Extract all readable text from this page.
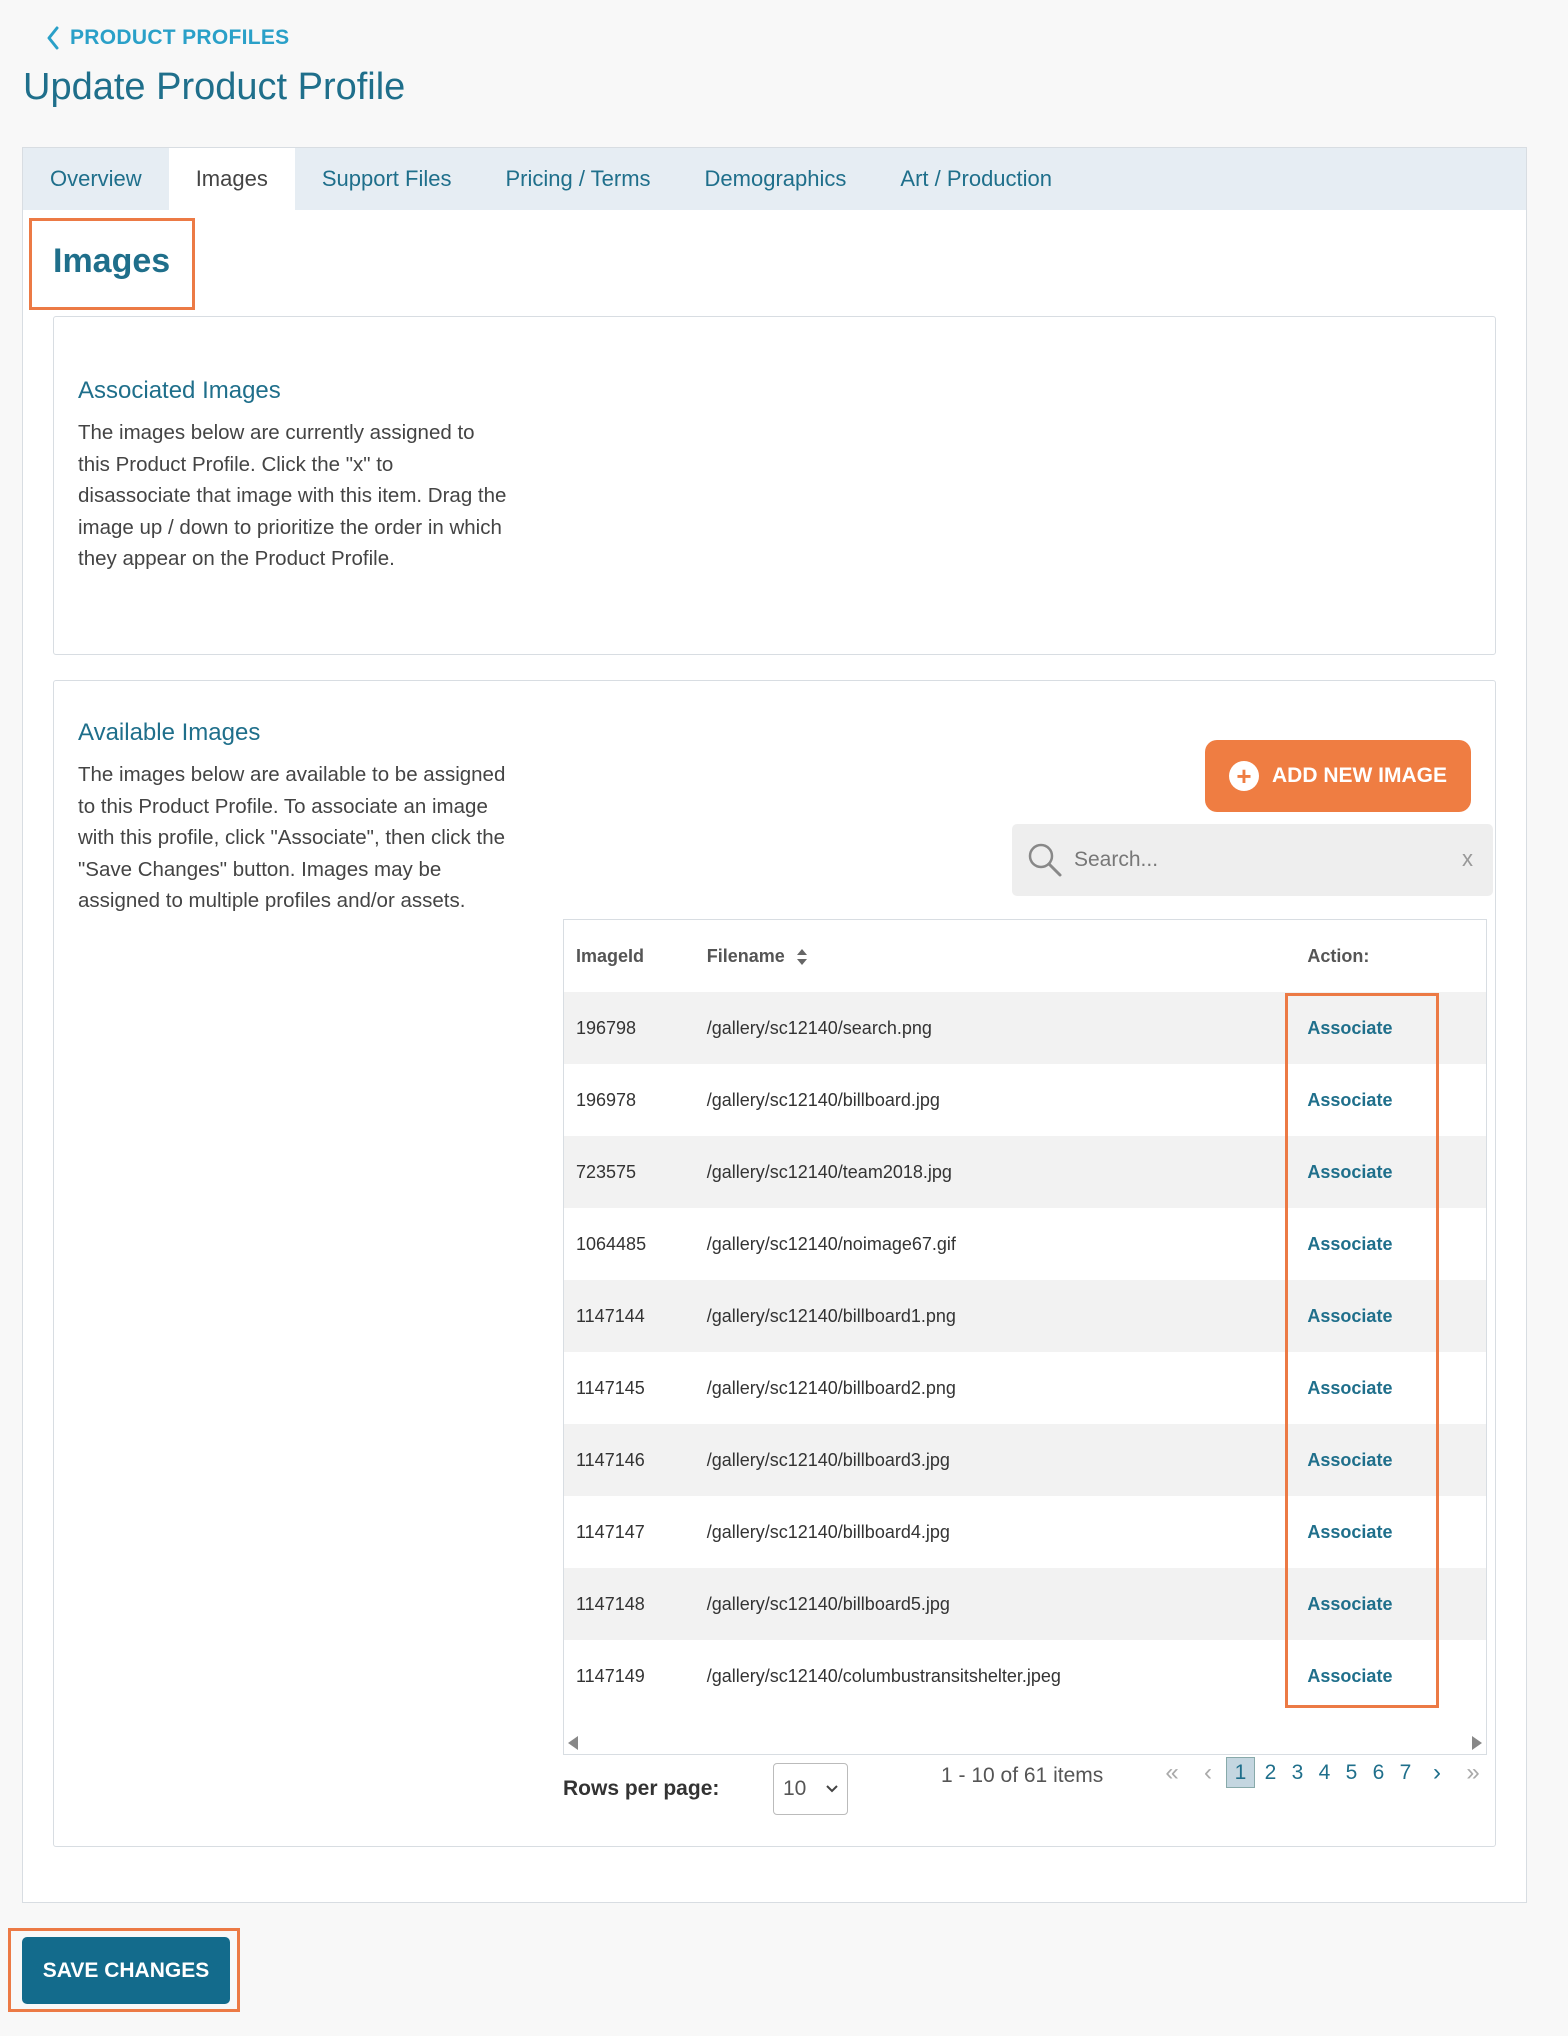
PRODUCT PROFILES
Update Product Profile
Overview	Images	Support Files	Pricing / Terms	Demographics	Art / Production
Images
Associated Images

The images below are currently assigned to this Product Profile. Click the "x" to disassociate that image with this item. Drag the image up / down to prioritize the order in which they appear on the Product Profile.

Available Images

The images below are available to be assigned to this Product Profile. To associate an image with this profile, click "Associate", then click the "Save Changes" button. Images may be assigned to multiple profiles and/or assets.

+ ADD NEW IMAGE
Search...
x
ImageId	Filename	Action:
196798	/gallery/sc12140/search.png	Associate
196978	/gallery/sc12140/billboard.jpg	Associate
723575	/gallery/sc12140/team2018.jpg	Associate
1064485	/gallery/sc12140/noimage67.gif	Associate
1147144	/gallery/sc12140/billboard1.png	Associate
1147145	/gallery/sc12140/billboard2.png	Associate
1147146	/gallery/sc12140/billboard3.jpg	Associate
1147147	/gallery/sc12140/billboard4.jpg	Associate
1147148	/gallery/sc12140/billboard5.jpg	Associate
1147149	/gallery/sc12140/columbustransitshelter.jpeg	Associate
Rows per page:	10
1 - 10 of 61 items	«	‹	1 2 3 4 5 6 7 ›	»
SAVE CHANGES
